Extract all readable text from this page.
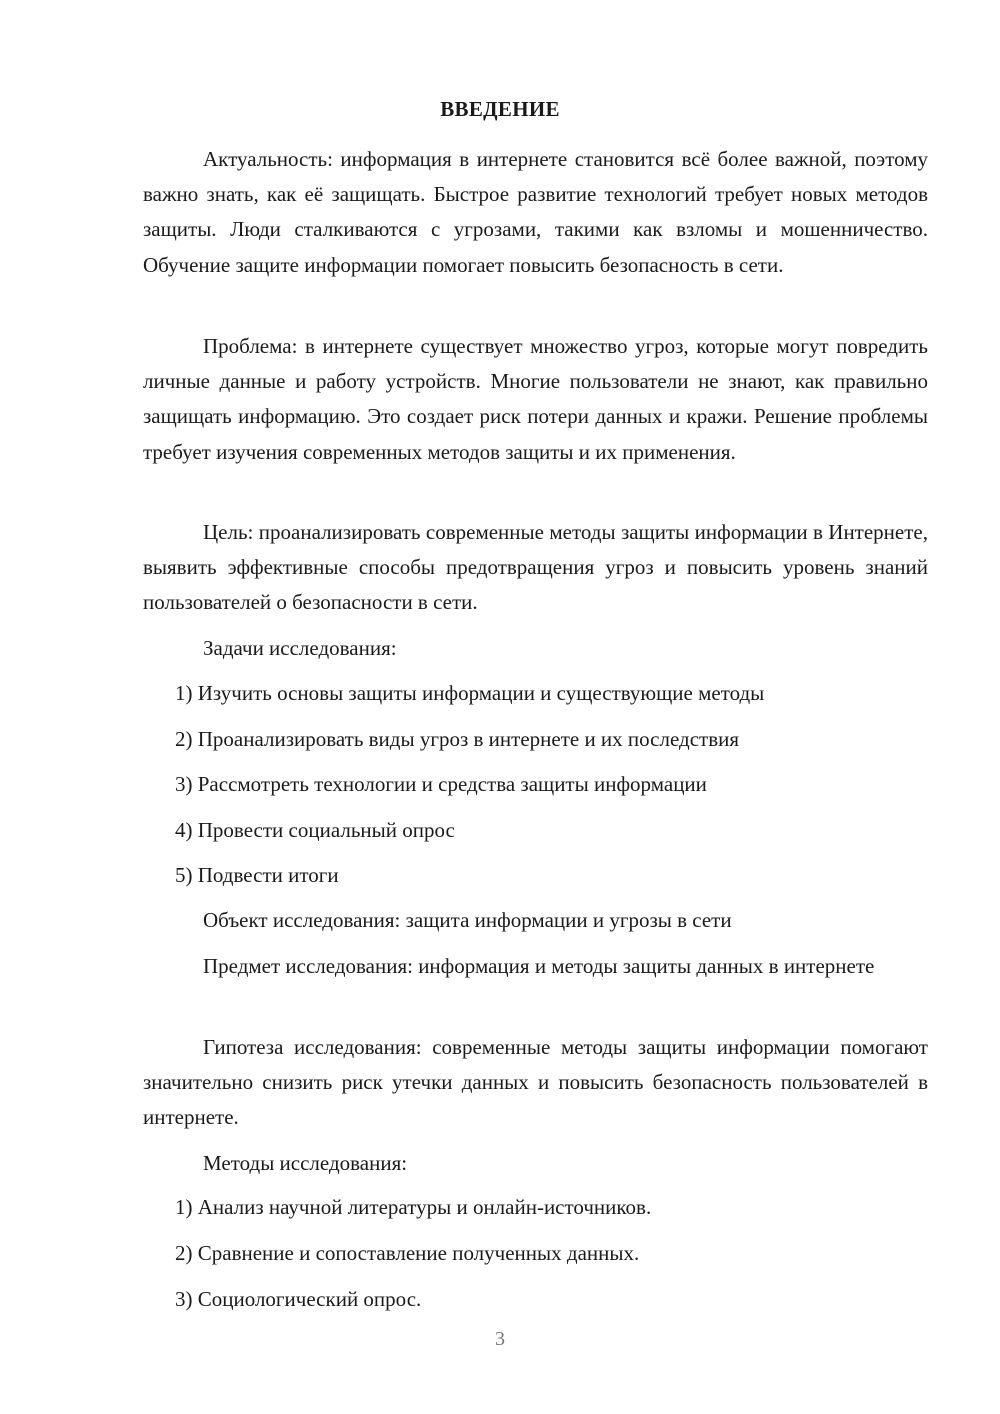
ВВЕДЕНИЕ
Актуальность: информация в интернете становится всё более важной, поэтому важно знать, как её защищать. Быстрое развитие технологий требует новых методов защиты. Люди сталкиваются с угрозами, такими как взломы и мошенничество. Обучение защите информации помогает повысить безопасность в сети.
Проблема: в интернете существует множество угроз, которые могут повредить личные данные и работу устройств. Многие пользователи не знают, как правильно защищать информацию. Это создает риск потери данных и кражи. Решение проблемы требует изучения современных методов защиты и их применения.
Цель: проанализировать современные методы защиты информации в Интернете, выявить эффективные способы предотвращения угроз и повысить уровень знаний пользователей о безопасности в сети.
Задачи исследования:
1) Изучить основы защиты информации и существующие методы
2) Проанализировать виды угроз в интернете и их последствия
3) Рассмотреть технологии и средства защиты информации
4) Провести социальный опрос
5) Подвести итоги
Объект исследования: защита информации и угрозы в сети
Предмет исследования: информация и методы защиты данных в интернете
Гипотеза исследования: современные методы защиты информации помогают значительно снизить риск утечки данных и повысить безопасность пользователей в интернете.
Методы исследования:
1) Анализ научной литературы и онлайн-источников.
2) Сравнение и сопоставление полученных данных.
3) Социологический опрос.
3
